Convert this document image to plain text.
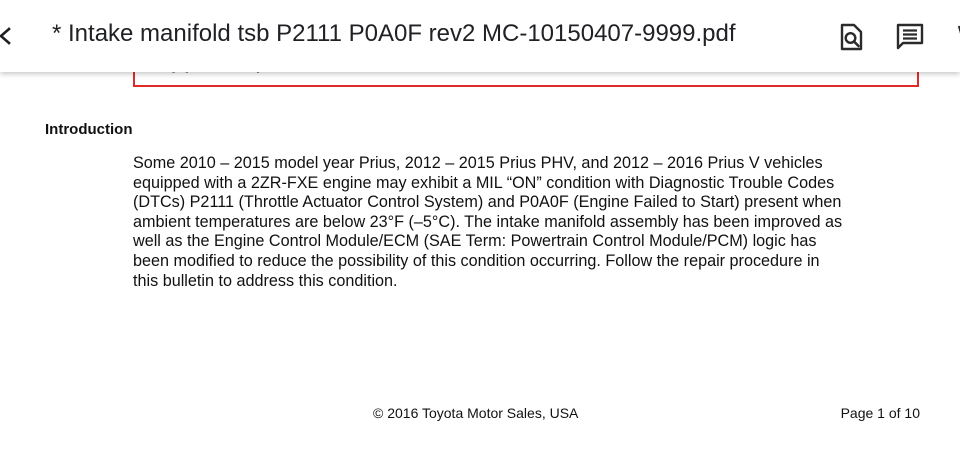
Introduction
Some 2010 – 2015 model year Prius, 2012 – 2015 Prius PHV, and 2012 – 2016 Prius V vehicles
equipped with a 2ZR-FXE engine may exhibit a MIL “ON” condition with Diagnostic Trouble Codes
(DTCs) P2111 (Throttle Actuator Control System) and P0A0F (Engine Failed to Start) present when
ambient temperatures are below 23°F (–5°C). The intake manifold assembly has been improved as
well as the Engine Control Module/ECM (SAE Term: Powertrain Control Module/PCM) logic has
been modified to reduce the possibility of this condition occurring. Follow the repair procedure in
this bulletin to address this condition.
© 2016 Toyota Motor Sales, USA	Page 1 of 10
* Intake manifold tsb P2111 P0A0F rev2 MC-10150407-9999.pdf
